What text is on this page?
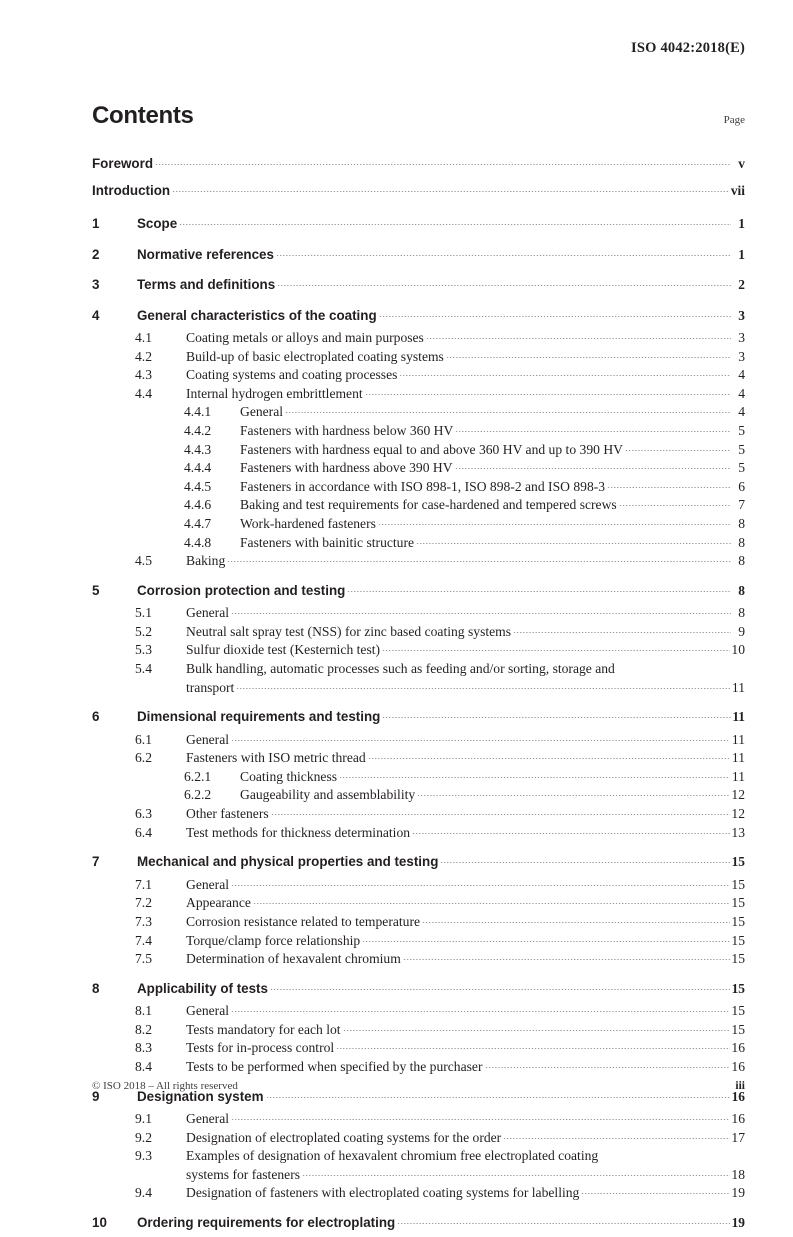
ISO 4042:2018(E)
Contents	Page
Foreword	v
Introduction	vii
1	Scope	1
2	Normative references	1
3	Terms and definitions	2
4	General characteristics of the coating	3
4.1	Coating metals or alloys and main purposes	3
4.2	Build-up of basic electroplated coating systems	3
4.3	Coating systems and coating processes	4
4.4	Internal hydrogen embrittlement	4
4.4.1	General	4
4.4.2	Fasteners with hardness below 360 HV	5
4.4.3	Fasteners with hardness equal to and above 360 HV and up to 390 HV	5
4.4.4	Fasteners with hardness above 390 HV	5
4.4.5	Fasteners in accordance with ISO 898-1, ISO 898-2 and ISO 898-3	6
4.4.6	Baking and test requirements for case-hardened and tempered screws	7
4.4.7	Work-hardened fasteners	8
4.4.8	Fasteners with bainitic structure	8
4.5	Baking	8
5	Corrosion protection and testing	8
5.1	General	8
5.2	Neutral salt spray test (NSS) for zinc based coating systems	9
5.3	Sulfur dioxide test (Kesternich test)	10
5.4	Bulk handling, automatic processes such as feeding and/or sorting, storage and
transport	11
6	Dimensional requirements and testing	11
6.1	General	11
6.2	Fasteners with ISO metric thread	11
6.2.1	Coating thickness	11
6.2.2	Gaugeability and assemblability	12
6.3	Other fasteners	12
6.4	Test methods for thickness determination	13
7	Mechanical and physical properties and testing	15
7.1	General	15
7.2	Appearance	15
7.3	Corrosion resistance related to temperature	15
7.4	Torque/clamp force relationship	15
7.5	Determination of hexavalent chromium	15
8	Applicability of tests	15
8.1	General	15
8.2	Tests mandatory for each lot	15
8.3	Tests for in-process control	16
8.4	Tests to be performed when specified by the purchaser	16
9	Designation system	16
9.1	General	16
9.2	Designation of electroplated coating systems for the order	17
9.3	Examples of designation of hexavalent chromium free electroplated coating
systems for fasteners	18
9.4	Designation of fasteners with electroplated coating systems for labelling	19
10	Ordering requirements for electroplating	19
© ISO 2018 – All rights reserved	iii
